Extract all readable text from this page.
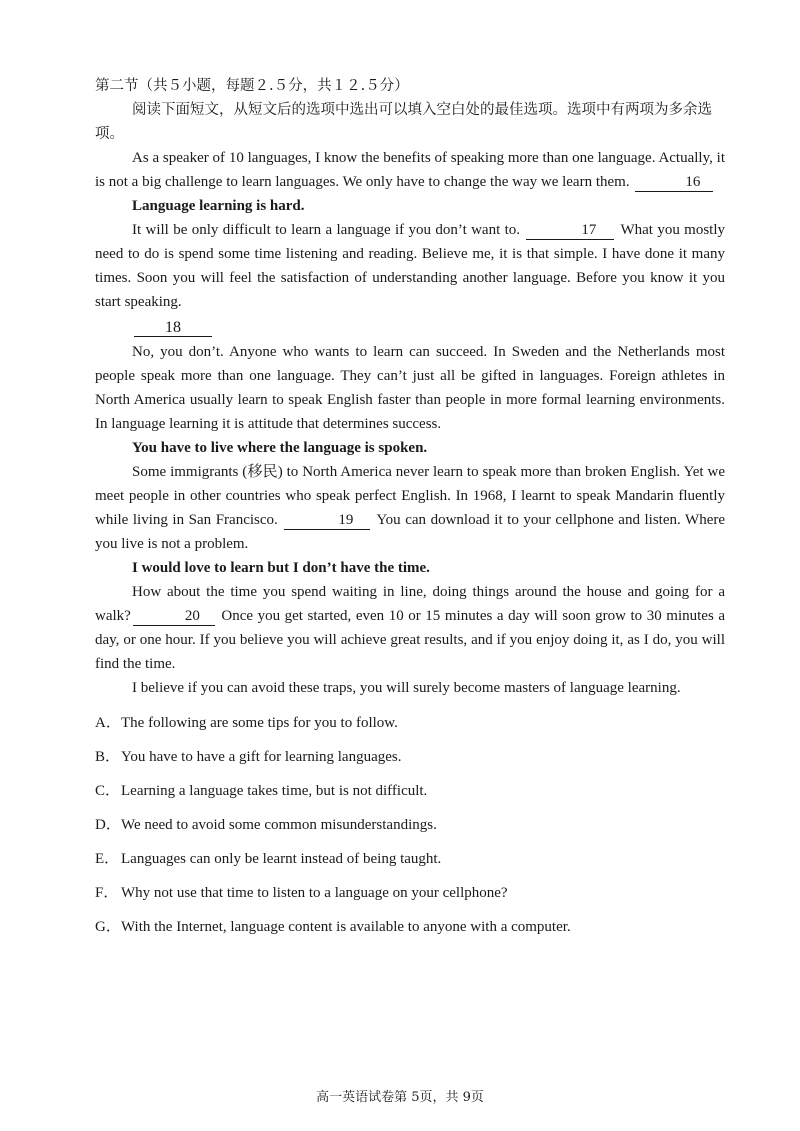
第二节（共５小题，每题２.５分，共１２.５分）
阅读下面短文，从短文后的选项中选出可以填入空白处的最佳选项。选项中有两项为多余选项。
As a speaker of 10 languages, I know the benefits of speaking more than one language. Actually, it is not a big challenge to learn languages. We only have to change the way we learn them.	16
Language learning is hard.
It will be only difficult to learn a language if you don’t want to.	17 What you mostly need to do is spend some time listening and reading. Believe me, it is that simple. I have done it many times. Soon you will feel the satisfaction of understanding another language. Before you know it you start speaking.
18
No, you don’t. Anyone who wants to learn can succeed. In Sweden and the Netherlands most people speak more than one language. They can’t just all be gifted in languages. Foreign athletes in North America usually learn to speak English faster than people in more formal learning environments. In language learning it is attitude that determines success.
You have to live where the language is spoken.
Some immigrants (移民) to North America never learn to speak more than broken English. Yet we meet people in other countries who speak perfect English. In 1968, I learnt to speak Mandarin fluently while living in San Francisco.	19 You can download it to your cellphone and listen. Where you live is not a problem.
I would love to learn but I don’t have the time.
How about the time you spend waiting in line, doing things around the house and going for a walk?	20 Once you get started, even 10 or 15 minutes a day will soon grow to 30 minutes a day, or one hour. If you believe you will achieve great results, and if you enjoy doing it, as I do, you will find the time.
I believe if you can avoid these traps, you will surely become masters of language learning.
A．The following are some tips for you to follow.
B．You have to have a gift for learning languages.
C．Learning a language takes time, but is not difficult.
D．We need to avoid some common misunderstandings.
E． Languages can only be learnt instead of being taught.
F． Why not use that time to listen to a language on your cellphone?
G．With the Internet, language content is available to anyone with a computer.
高一英语试卷第 5页，共 9页
